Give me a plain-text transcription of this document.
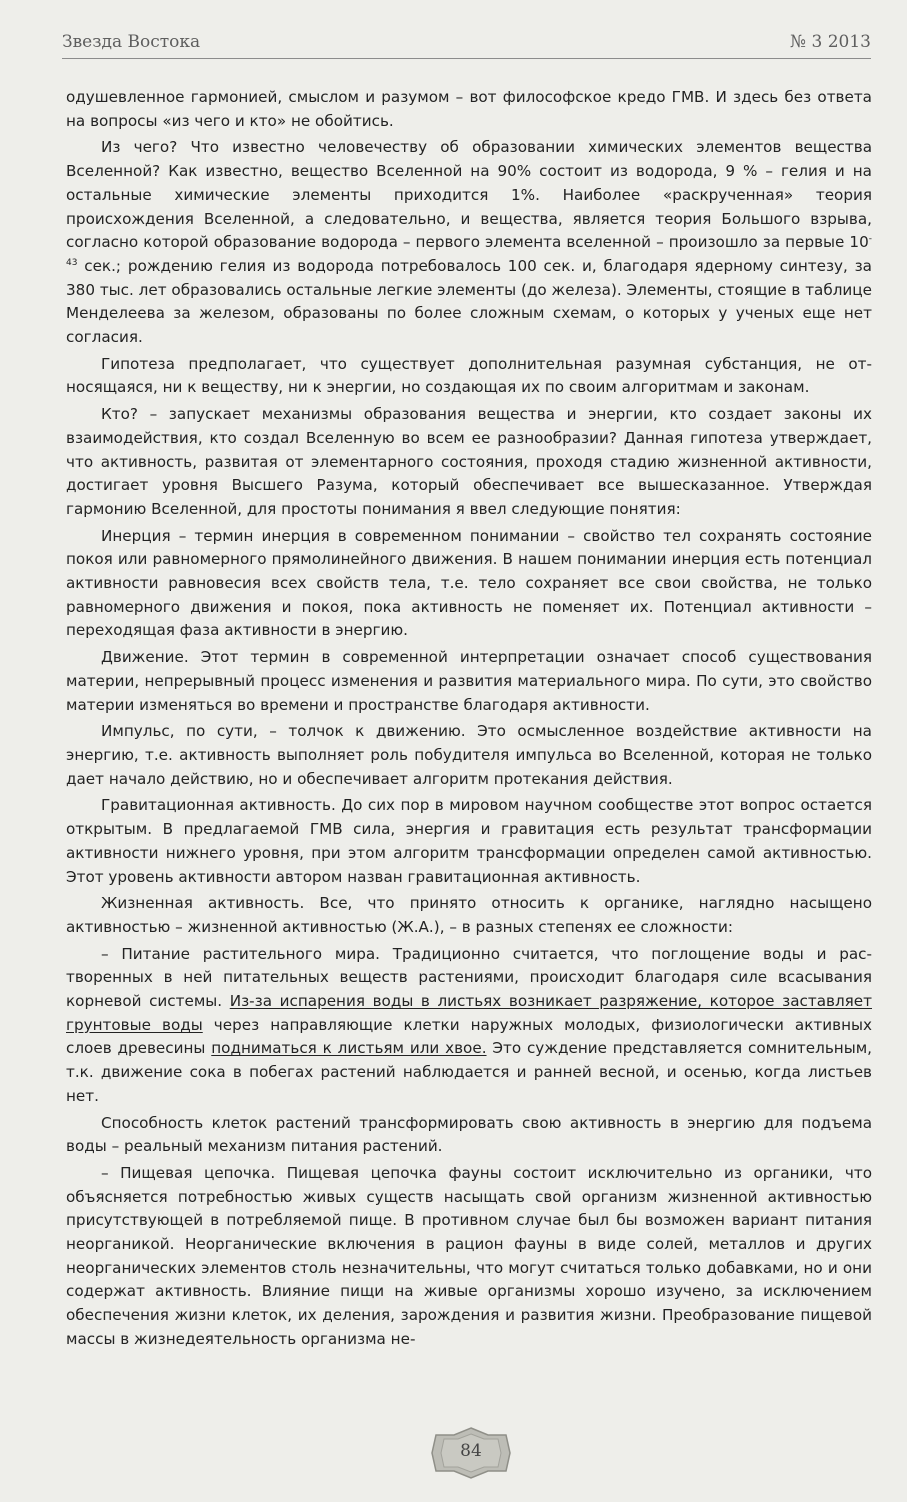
Звезда Востока	№ 3 2013

одушевленное гармонией, смыслом и разумом – вот философское кредо ГМВ. И здесь без ответа на вопросы «из чего и кто» не обойтись.

Из чего? Что известно человечеству об образовании химических элементов вещества Вселенной? Как известно, вещество Вселенной на 90% состоит из водорода, 9 % – гелия и на остальные химические элементы приходится 1%. Наиболее «раскрученная» теория происхождения Вселенной, а следовательно, и вещества, является теория Большого взрыва, согласно которой образование водорода – первого элемента вселенной – произошло за первые $10^{-43}$ сек.; рождению гелия из водорода потребовалось 100 сек. и, благодаря ядерному синтезу, за 380 тыс. лет образовались остальные легкие элементы (до железа). Элементы, стоящие в таблице Менделеева за железом, образованы по более сложным схемам, о которых у ученых еще нет согласия.

Гипотеза предполагает, что существует дополнительная разумная субстанция, не относящаяся, ни к веществу, ни к энергии, но создающая их по своим алгоритмам и законам.

Кто? – запускает механизмы образования вещества и энергии, кто создает законы их взаимодействия, кто создал Вселенную во всем ее разнообразии? Данная гипотеза утверждает, что активность, развитая от элементарного состояния, проходя стадию жизненной активности, достигает уровня Высшего Разума, который обеспечивает все вышесказанное. Утверждая гармонию Вселенной, для простоты понимания я ввел следующие понятия:

Инерция – термин инерция в современном понимании – свойство тел сохранять состояние покоя или равномерного прямолинейного движения. В нашем понимании инерция есть потенциал активности равновесия всех свойств тела, т.е. тело сохраняет все свои свойства, не только равномерного движения и покоя, пока активность не поменяет их. Потенциал активности – переходящая фаза активности в энергию.

Движение. Этот термин в современной интерпретации означает способ существования материи, непрерывный процесс изменения и развития материального мира. По сути, это свойство материи изменяться во времени и пространстве благодаря активности.

Импульс, по сути, – толчок к движению. Это осмысленное воздействие активности на энергию, т.е. активность выполняет роль побудителя импульса во Вселенной, которая не только дает начало действию, но и обеспечивает алгоритм протекания действия.

Гравитационная активность. До сих пор в мировом научном сообществе этот вопрос остается открытым. В предлагаемой ГМВ сила, энергия и гравитация есть результат трансформации активности нижнего уровня, при этом алгоритм трансформации определен самой активностью. Этот уровень активности автором назван гравитационная активность.

Жизненная активность. Все, что принято относить к органике, наглядно насыщено активностью – жизненной активностью (Ж.А.), – в разных степенях ее сложности:

– Питание растительного мира. Традиционно считается, что поглощение воды и растворенных в ней питательных веществ растениями, происходит благодаря силе всасывания корневой системы. Из-за испарения воды в листьях возникает разряжение, которое заставляет грунтовые воды через направляющие клетки наружных молодых, физиологически активных слоев древесины подниматься к листьям или хвое. Это суждение представляется сомнительным, т.к. движение сока в побегах растений наблюдается и ранней весной, и осенью, когда листьев нет.

Способность клеток растений трансформировать свою активность в энергию для подъема воды – реальный механизм питания растений.

– Пищевая цепочка. Пищевая цепочка фауны состоит исключительно из органики, что объясняется потребностью живых существ насыщать свой организм жизненной активностью присутствующей в потребляемой пище. В противном случае был бы возможен вариант питания неорганикой. Неорганические включения в рацион фауны в виде солей, металлов и других неорганических элементов столь незначительны, что могут считаться только добавками, но и они содержат активность. Влияние пищи на живые организмы хорошо изучено, за исключением обеспечения жизни клеток, их деления, зарождения и развития жизни. Преобразование пищевой массы в жизнедеятельность организма не-

84
